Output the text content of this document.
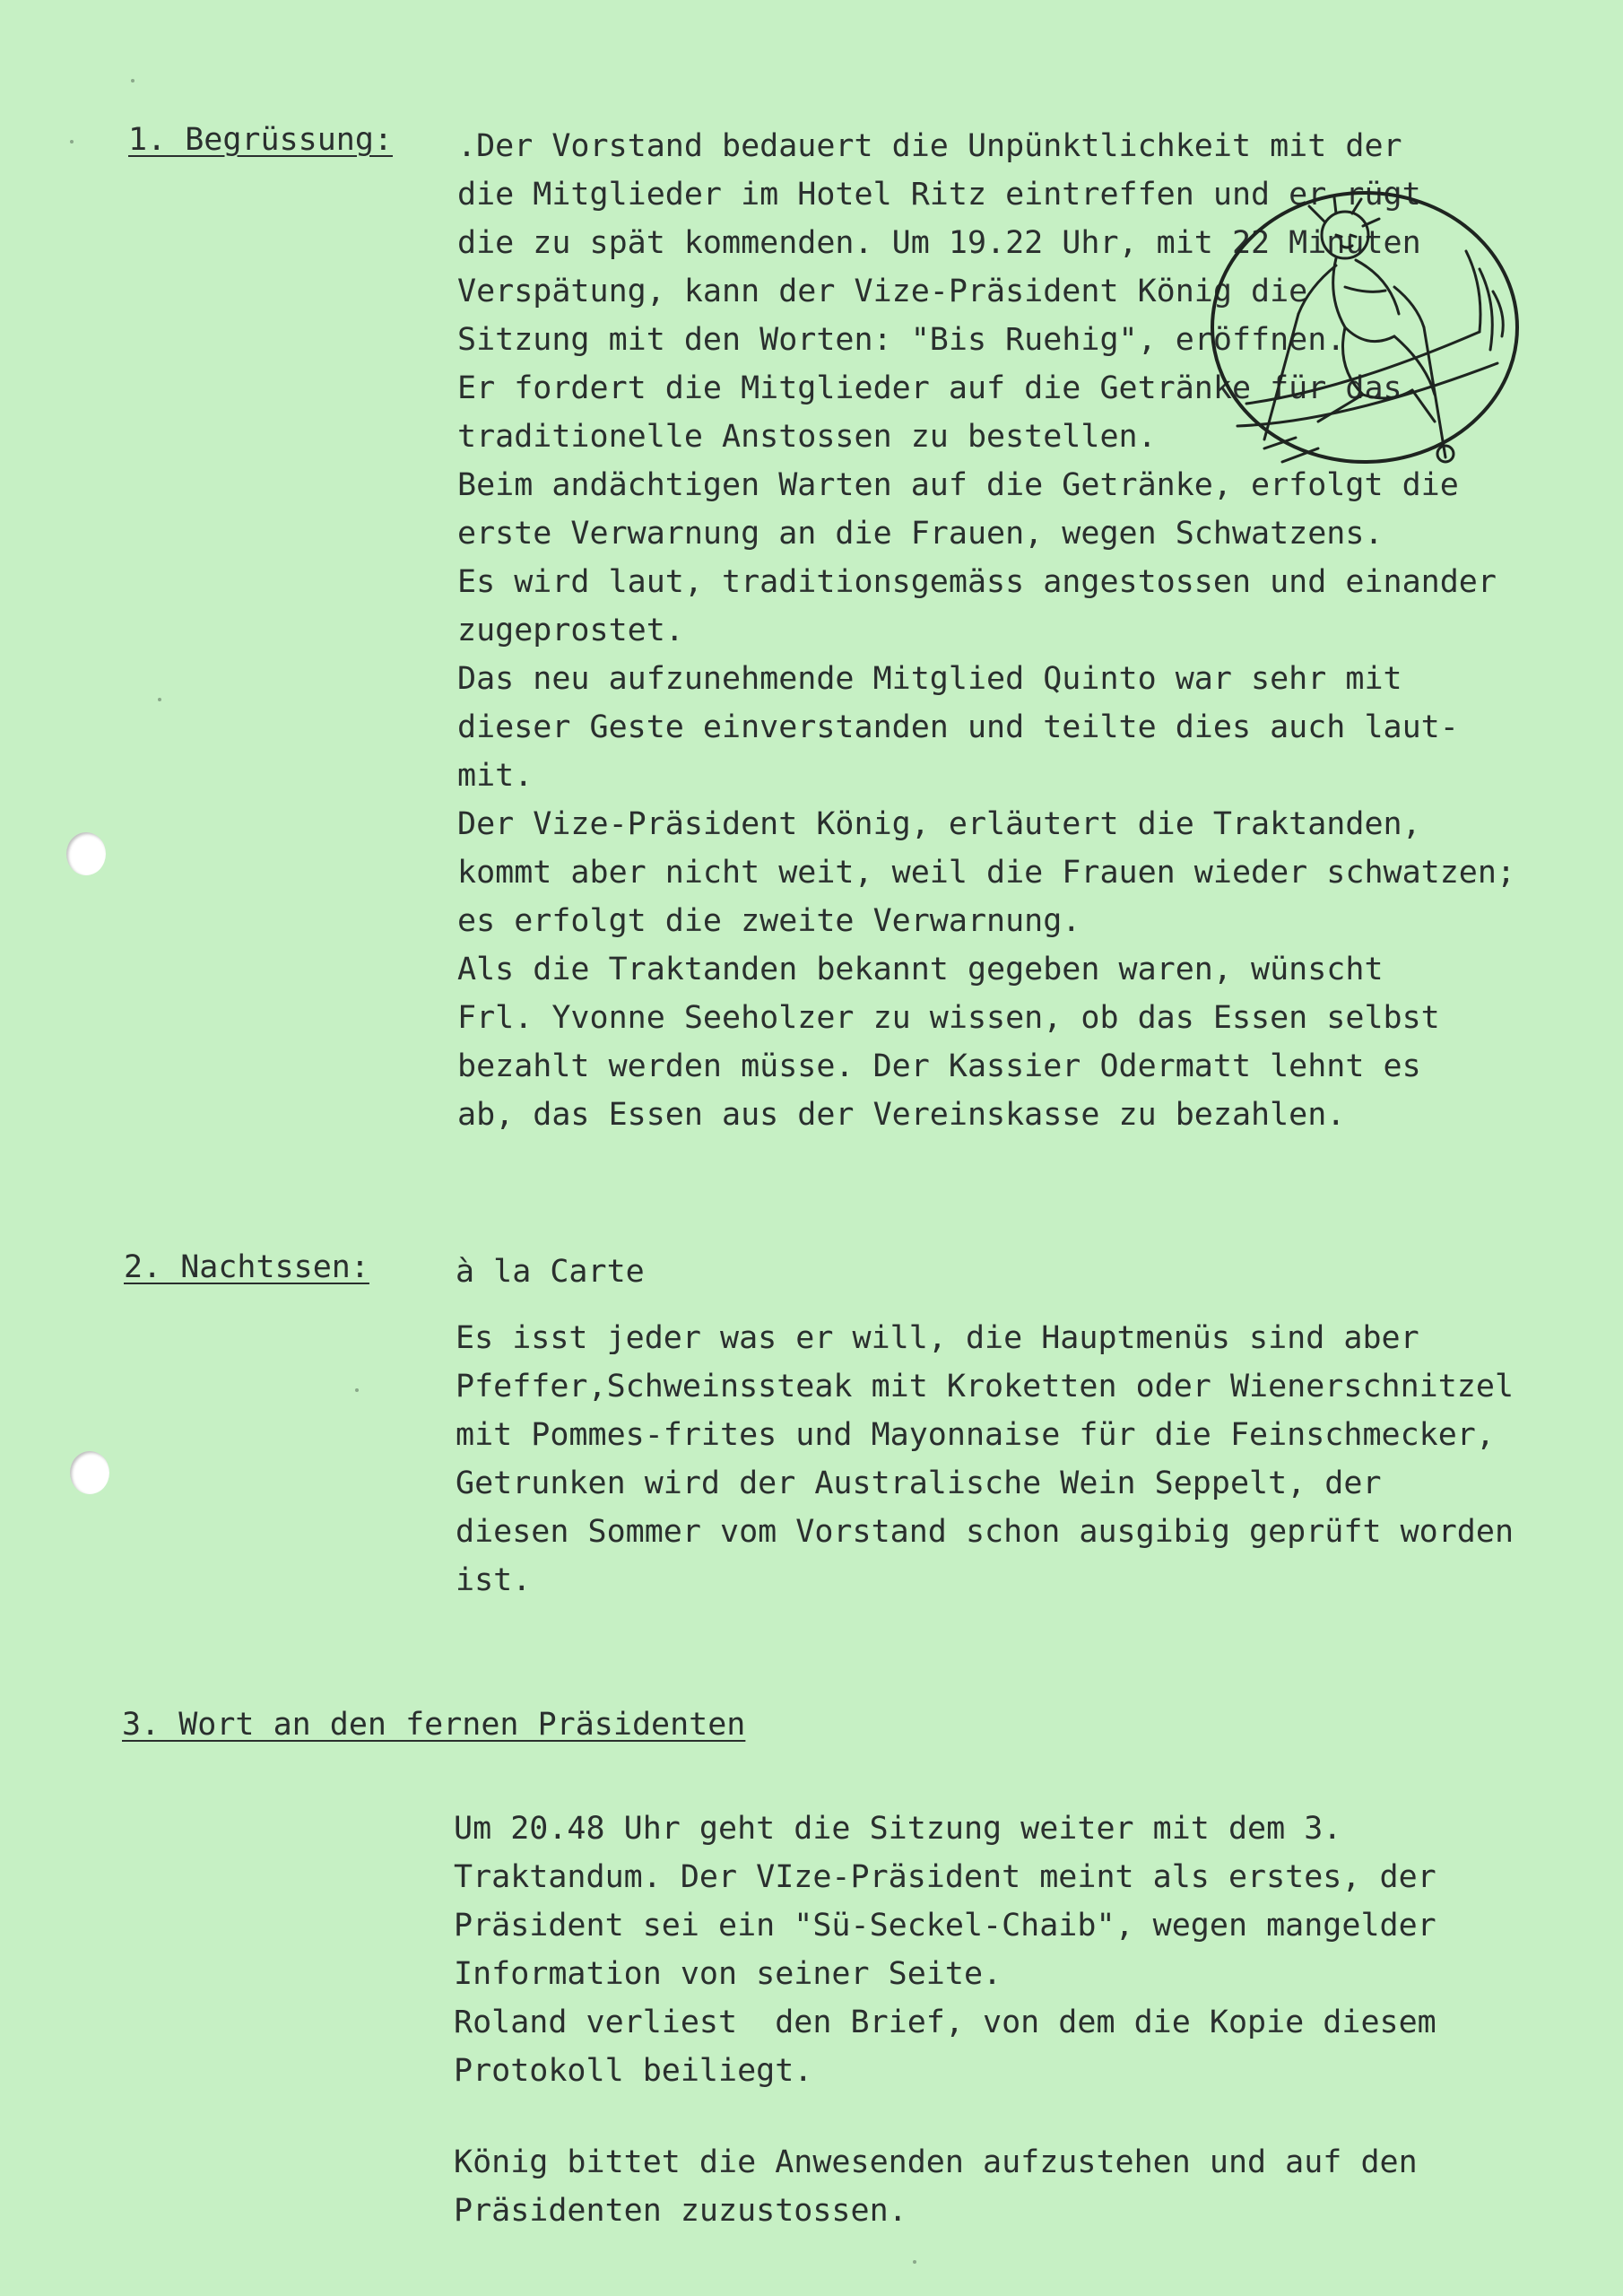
1. Begrüssung: .Der Vorstand bedauert die Unpünktlichkeit mit der
die Mitglieder im Hotel Ritz eintreffen und er rügt
die zu spät kommenden. Um 19.22 Uhr, mit 22 Minuten
Verspätung, kann der Vize-Präsident König die
Sitzung mit den Worten: "Bis Ruehig", eröffnen.
Er fordert die Mitglieder auf die Getränke für das
traditionelle Anstossen zu bestellen.
Beim andächtigen Warten auf die Getränke, erfolgt die
erste Verwarnung an die Frauen, wegen Schwatzens.
Es wird laut, traditionsgemäss angestossen und einander
zugeprostet.
Das neu aufzunehmende Mitglied Quinto war sehr mit
dieser Geste einverstanden und teilte dies auch laut-
mit.
Der Vize-Präsident König, erläutert die Traktanden,
kommt aber nicht weit, weil die Frauen wieder schwatzen;
es erfolgt die zweite Verwarnung.
Als die Traktanden bekannt gegeben waren, wünscht
Frl. Yvonne Seeholzer zu wissen, ob das Essen selbst
bezahlt werden müsse. Der Kassier Odermatt lehnt es
ab, das Essen aus der Vereinskasse zu bezahlen.
2. Nachtssen:	à la Carte
Es isst jeder was er will, die Hauptmenüs sind aber
Pfeffer,Schweinssteak mit Kroketten oder Wienerschnitzel
mit Pommes-frites und Mayonnaise für die Feinschmecker,
Getrunken wird der Australische Wein Seppelt, der
diesen Sommer vom Vorstand schon ausgibig geprüft worden
ist.
3. Wort an den fernen Präsidenten
Um 20.48 Uhr geht die Sitzung weiter mit dem 3.
Traktandum. Der VIze-Präsident meint als erstes, der
Präsident sei ein "Sü-Seckel-Chaib", wegen mangelder
Information von seiner Seite.
Roland verliest  den Brief, von dem die Kopie diesem
Protokoll beiliegt.
König bittet die Anwesenden aufzustehen und auf den
Präsidenten zuzustossen.
